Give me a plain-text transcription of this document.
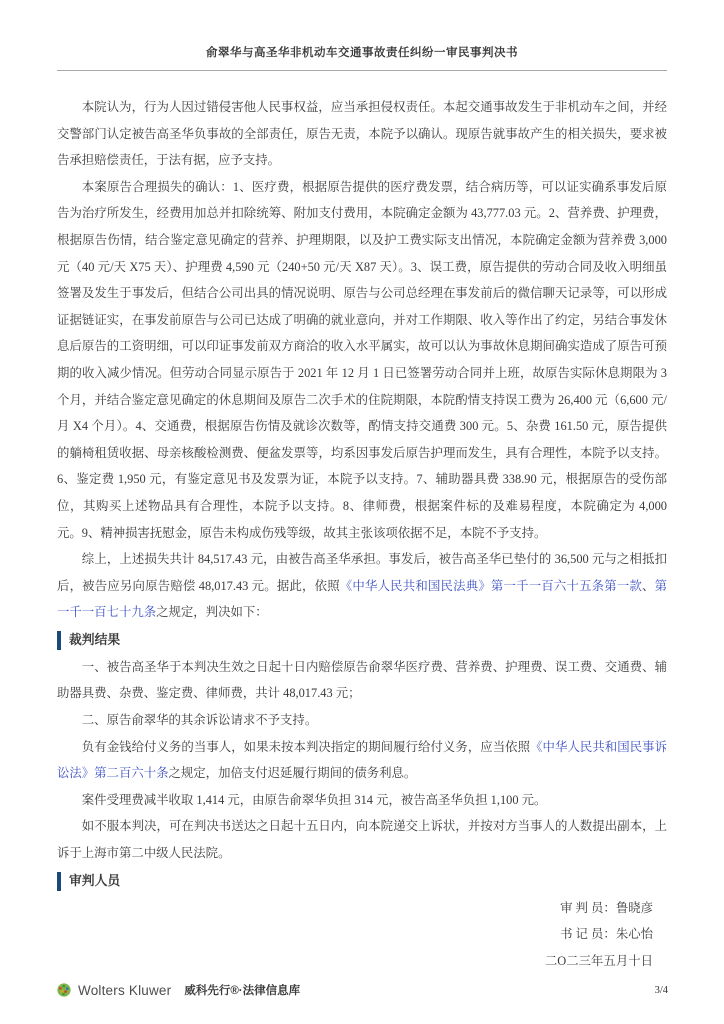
俞翠华与高圣华非机动车交通事故责任纠纷一审民事判决书

本院认为，行为人因过错侵害他人民事权益，应当承担侵权责任。本起交通事故发生于非机动车之间，并经交警部门认定被告高圣华负事故的全部责任，原告无责，本院予以确认。现原告就事故产生的相关损失，要求被告承担赔偿责任，于法有据，应予支持。

本案原告合理损失的确认：1、医疗费，根据原告提供的医疗费发票，结合病历等，可以证实确系事发后原告为治疗所发生，经费用加总并扣除统筹、附加支付费用，本院确定金额为 43,777.03 元。2、营养费、护理费，根据原告伤情，结合鉴定意见确定的营养、护理期限，以及护工费实际支出情况，本院确定金额为营养费 3,000 元（40 元/天 X75 天）、护理费 4,590 元（240+50 元/天 X87 天）。3、误工费，原告提供的劳动合同及收入明细虽签署及发生于事发后，但结合公司出具的情况说明、原告与公司总经理在事发前后的微信聊天记录等，可以形成证据链证实，在事发前原告与公司已达成了明确的就业意向，并对工作期限、收入等作出了约定，另结合事发休息后原告的工资明细，可以印证事发前双方商洽的收入水平属实，故可以认为事故休息期间确实造成了原告可预期的收入减少情况。但劳动合同显示原告于 2021 年 12 月 1 日已签署劳动合同并上班，故原告实际休息期限为 3 个月，并结合鉴定意见确定的休息期间及原告二次手术的住院期限，本院酌情支持误工费为 26,400 元（6,600 元/月 X4 个月）。4、交通费，根据原告伤情及就诊次数等，酌情支持交通费 300 元。5、杂费 161.50 元，原告提供的躺椅租赁收据、母亲核酸检测费、便盆发票等，均系因事发后原告护理而发生，具有合理性，本院予以支持。6、鉴定费 1,950 元，有鉴定意见书及发票为证，本院予以支持。7、辅助器具费 338.90 元，根据原告的受伤部位，其购买上述物品具有合理性，本院予以支持。8、律师费，根据案件标的及难易程度，本院确定为 4,000 元。9、精神损害抚慰金，原告未构成伤残等级，故其主张该项依据不足，本院不予支持。

综上，上述损失共计 84,517.43 元，由被告高圣华承担。事发后，被告高圣华已垫付的 36,500 元与之相抵扣后，被告应另向原告赔偿 48,017.43 元。据此，依照《中华人民共和国民法典》第一千一百六十五条第一款、第一千一百七十九条之规定，判决如下：

裁判结果

一、被告高圣华于本判决生效之日起十日内赔偿原告俞翠华医疗费、营养费、护理费、误工费、交通费、辅助器具费、杂费、鉴定费、律师费，共计 48,017.43 元；

二、原告俞翠华的其余诉讼请求不予支持。

负有金钱给付义务的当事人，如果未按本判决指定的期间履行给付义务，应当依照《中华人民共和国民事诉讼法》第二百六十条之规定，加倍支付迟延履行期间的债务利息。

案件受理费减半收取 1,414 元，由原告俞翠华负担 314 元，被告高圣华负担 1,100 元。

如不服本判决，可在判决书送达之日起十五日内，向本院递交上诉状，并按对方当事人的人数提出副本，上诉于上海市第二中级人民法院。

审判人员

审 判 员：鲁晓彦

书 记 员：朱心怡

二O二三年五月十日

Wolters Kluwer 威科先行®·法律信息库	3/4
